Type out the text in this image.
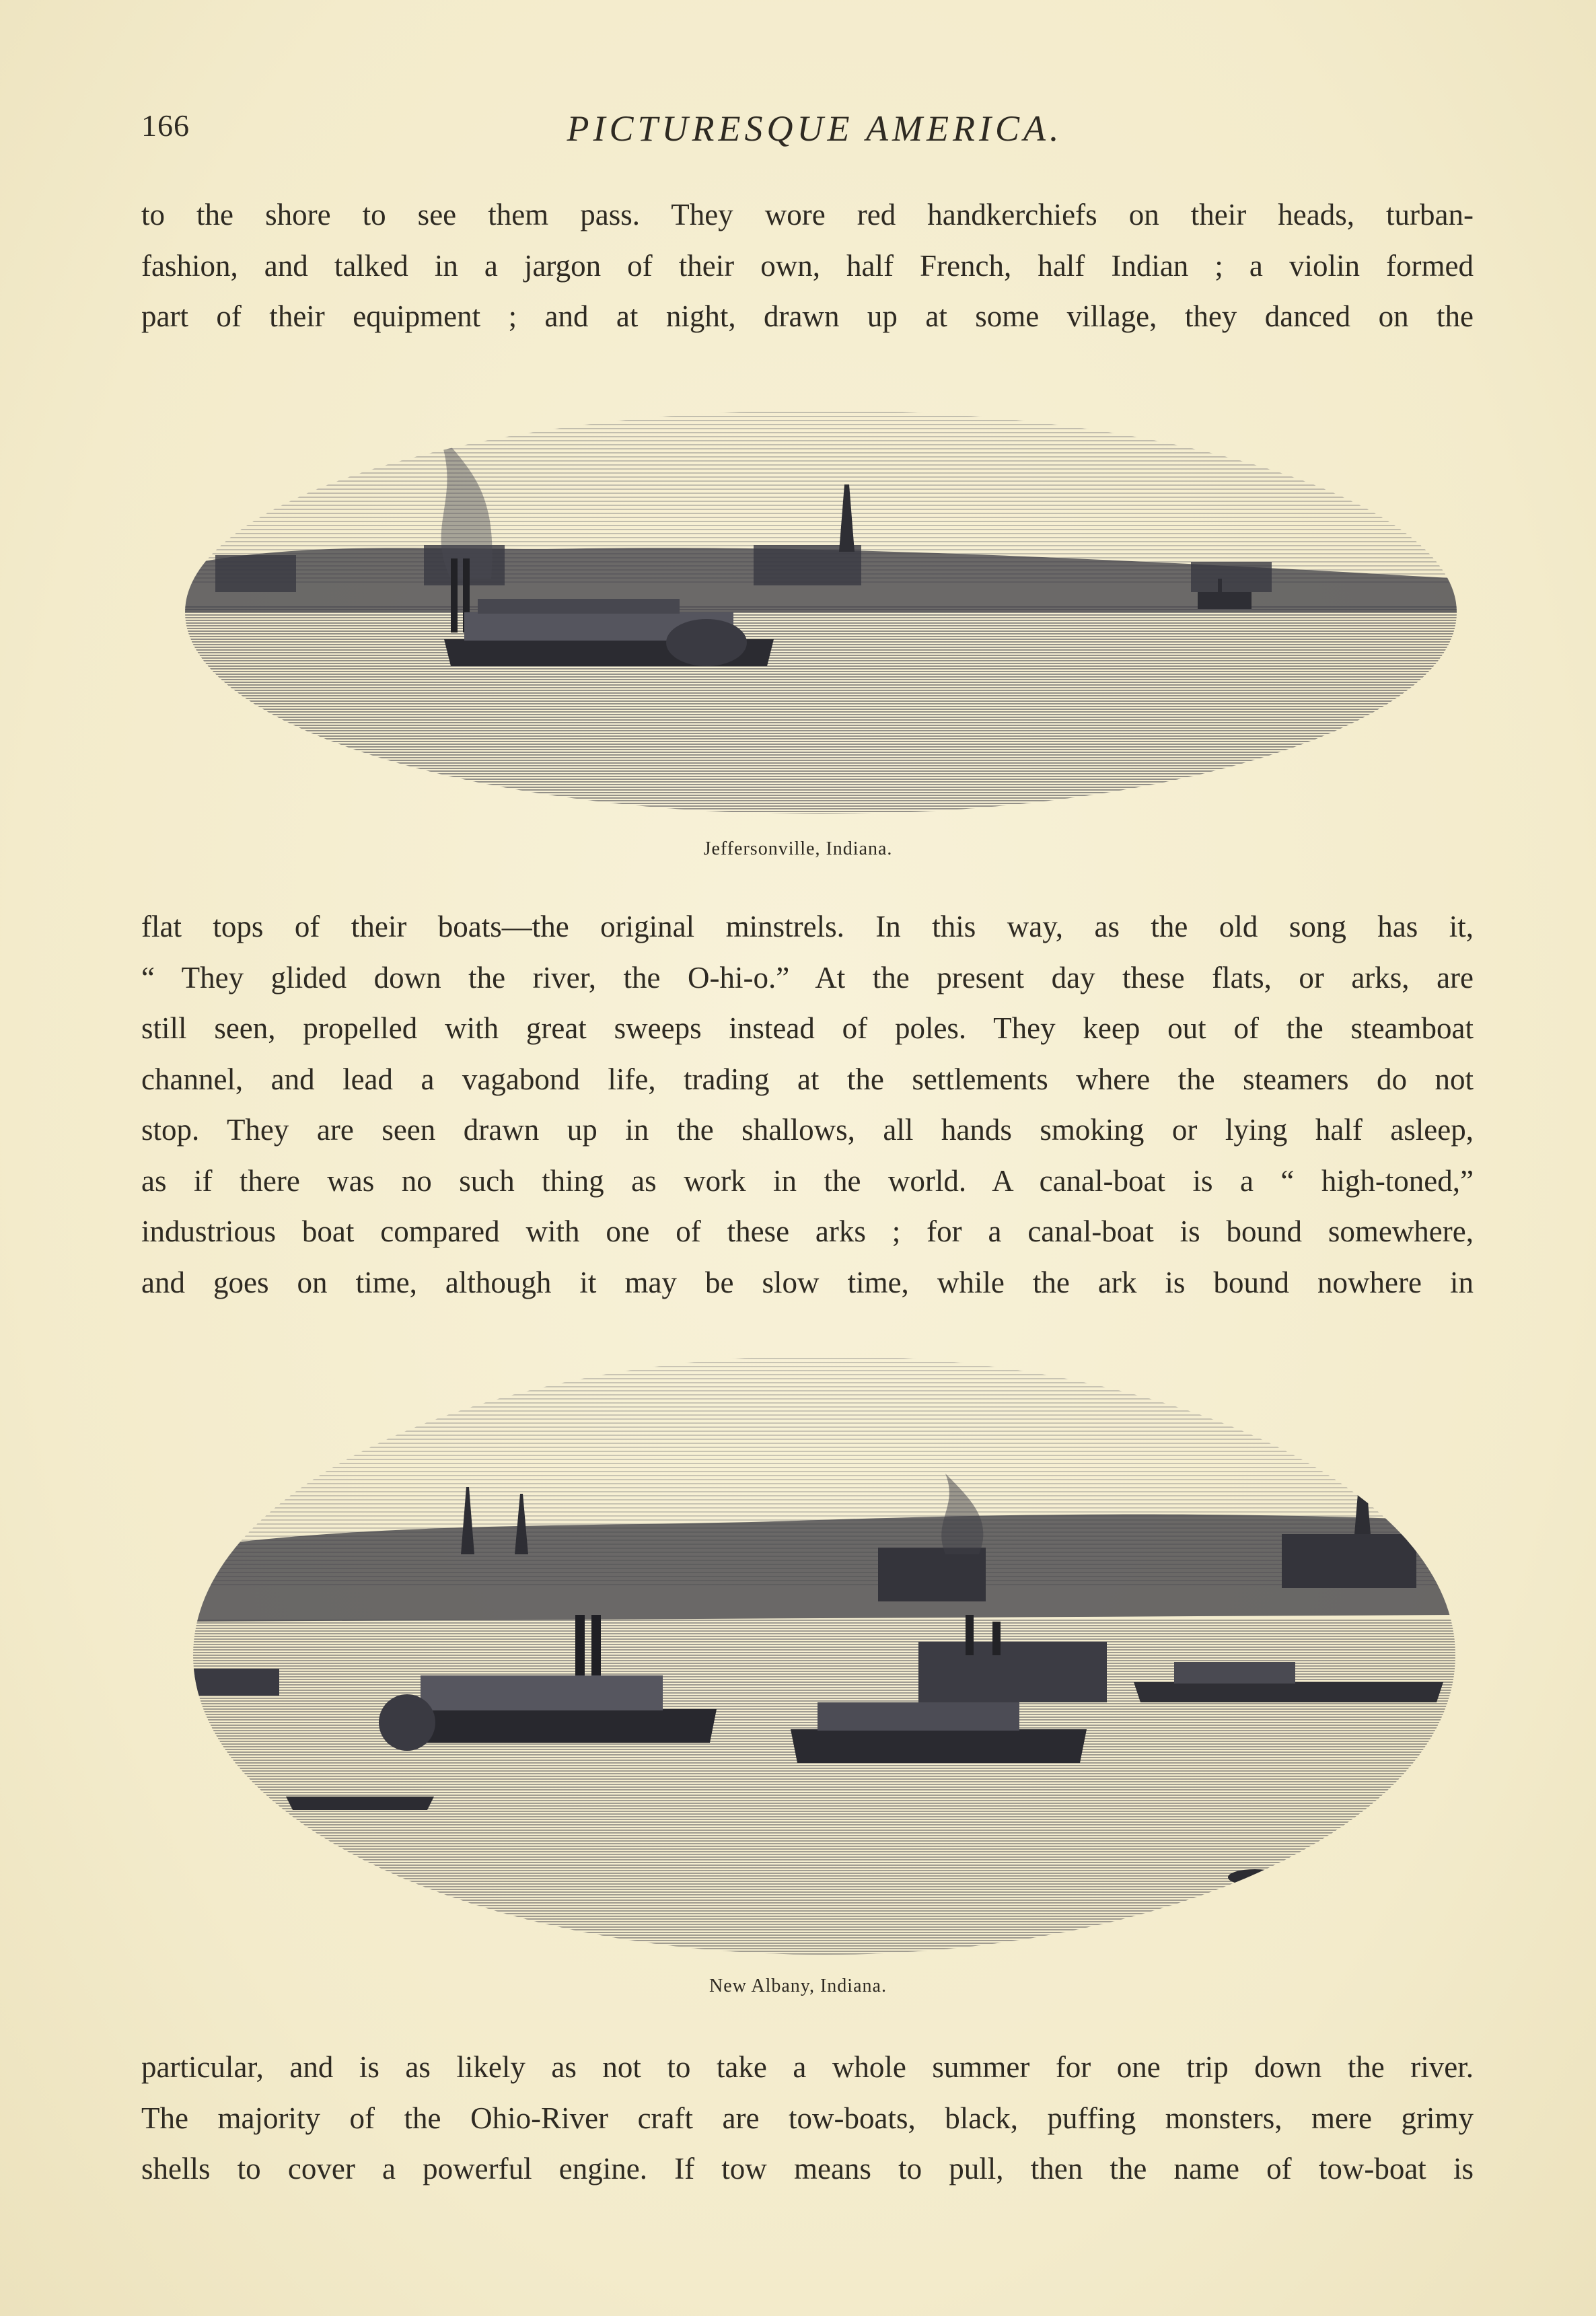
166	PICTURESQUE AMERICA.
to the shore to see them pass. They wore red handkerchiefs on their heads, turban-
fashion, and talked in a jargon of their own, half French, half Indian ; a violin formed
part of their equipment ; and at night, drawn up at some village, they danced on the
Jeffersonville, Indiana.
flat tops of their boats—the original minstrels. In this way, as the old song has it,
“ They glided down the river, the O-hi-o.” At the present day these flats, or arks, are
still seen, propelled with great sweeps instead of poles. They keep out of the steamboat
channel, and lead a vagabond life, trading at the settlements where the steamers do not
stop. They are seen drawn up in the shallows, all hands smoking or lying half asleep,
as if there was no such thing as work in the world. A canal-boat is a “ high-toned,”
industrious boat compared with one of these arks ; for a canal-boat is bound somewhere,
and goes on time, although it may be slow time, while the ark is bound nowhere in
New Albany, Indiana.
particular, and is as likely as not to take a whole summer for one trip down the river.
The majority of the Ohio-River craft are tow-boats, black, puffing monsters, mere grimy
shells to cover a powerful engine. If tow means to pull, then the name of tow-boat is
